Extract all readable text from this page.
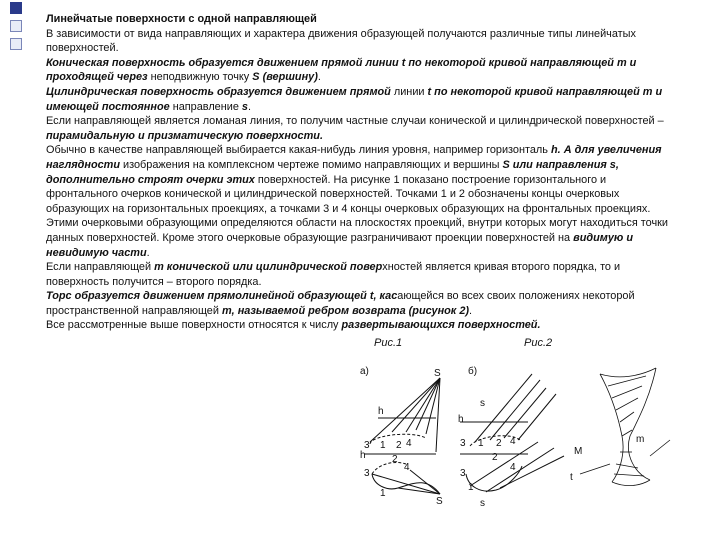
Линейчатые поверхности с одной направляющей

В зависимости от вида направляющих и характера движения образующей получаются различные типы линейчатых поверхностей.

Коническая поверхность образуется движением прямой линии t по некоторой кривой направляющей m и проходящей через неподвижную точку S (вершину).

Цилиндрическая поверхность образуется движением прямой линии t по некоторой кривой направляющей m и имеющей постоянное направление s.

Если направляющей является ломаная линия, то получим частные случаи конической и цилиндрической поверхностей – пирамидальную и призматическую поверхности.

Обычно в качестве направляющей выбирается какая-нибудь линия уровня, например горизонталь h. А для увеличения наглядности изображения на комплексном чертеже помимо направляющих и вершины S или направления s, дополнительно строят очерки этих поверхностей. На рисунке 1 показано построение горизонтального и фронтального очерков конической и цилиндрической поверхностей. Точками 1 и 2 обозначены концы очерковых образующих на горизонтальных проекциях, а точками 3 и 4 концы очерковых образующих на фронтальных проекциях. Этими очерковыми образующими определяются области на плоскостях проекций, внутри которых могут находиться точки данных поверхностей. Кроме этого очерковые образующие разграничивают проекции поверхностей на видимую и невидимую части.

Если направляющей m конической или цилиндрической поверхностей является кривая второго порядка, то и поверхность получится – второго порядка.

Торс образуется движением прямолинейной образующей t, касающейся во всех своих положениях некоторой пространственной направляющей m, называемой ребром возврата (рисунок 2).

Все рассмотренные выше поверхности относятся к числу развертывающихся поверхностей.

Рис.1	Рис.2
а)	S
h
3 1 2 4
h	2
4
3
1
S
б)
s
h
3 1 2 4
2
4
3
1
s
M
m
t
